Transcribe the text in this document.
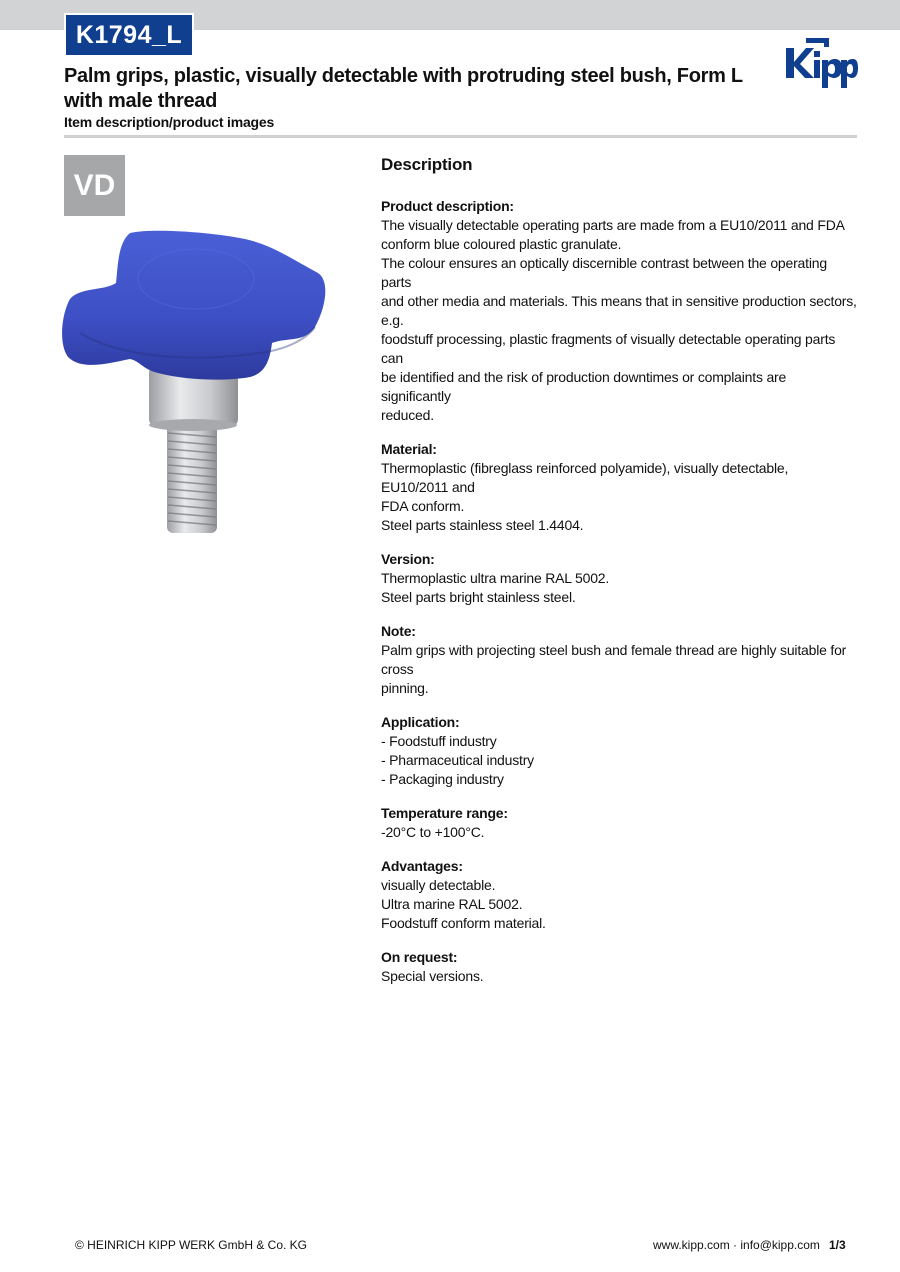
K1794_L
Palm grips, plastic, visually detectable with protruding steel bush, Form L with male thread
Item description/product images
VD
Description
Product description:
The visually detectable operating parts are made from a EU10/2011 and FDA
conform blue coloured plastic granulate.
The colour ensures an optically discernible contrast between the operating parts
and other media and materials. This means that in sensitive production sectors, e.g.
foodstuff processing, plastic fragments of visually detectable operating parts can
be identified and the risk of production downtimes or complaints are significantly
reduced.
Material:
Thermoplastic (fibreglass reinforced polyamide), visually detectable, EU10/2011 and
FDA conform.
Steel parts stainless steel 1.4404.
Version:
Thermoplastic ultra marine RAL 5002.
Steel parts bright stainless steel.
Note:
Palm grips with projecting steel bush and female thread are highly suitable for cross
pinning.
Application:
- Foodstuff industry
- Pharmaceutical industry
- Packaging industry
Temperature range:
-20°C to +100°C.
Advantages:
visually detectable.
Ultra marine RAL 5002.
Foodstuff conform material.
On request:
Special versions.
© HEINRICH KIPP WERK GmbH & Co. KG	www.kipp.com · info@kipp.com 1/3
